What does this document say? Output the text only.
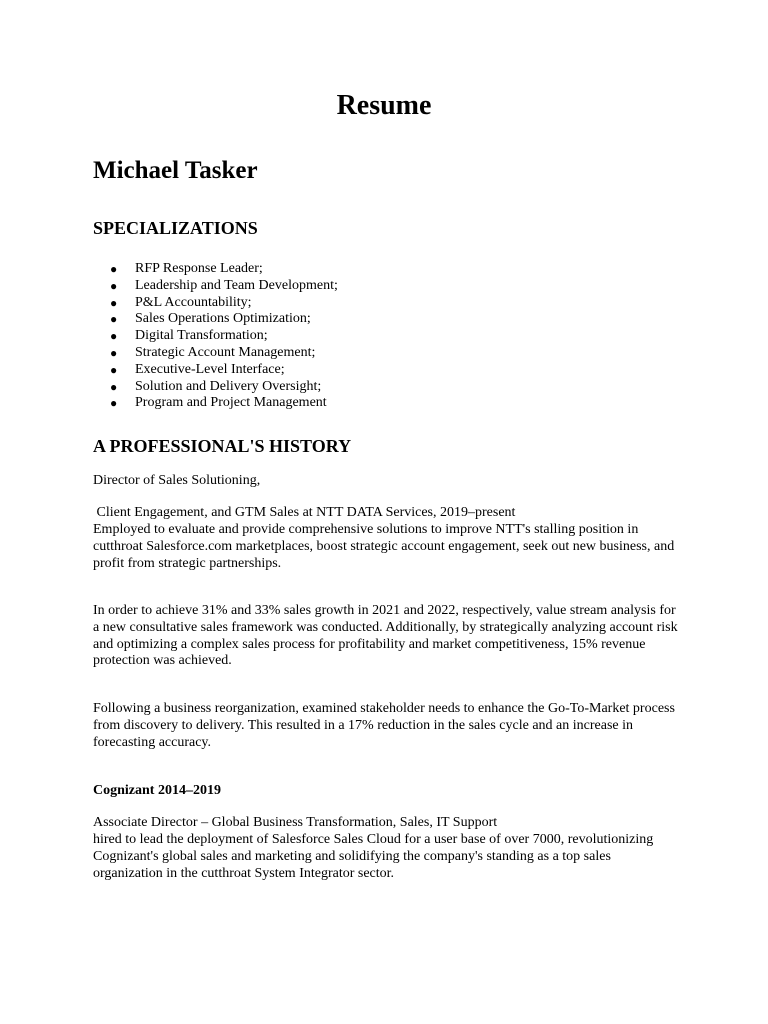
Resume
Michael Tasker
SPECIALIZATIONS
● RFP Response Leader;
● Leadership and Team Development;
● P&L Accountability;
● Sales Operations Optimization;
● Digital Transformation;
● Strategic Account Management;
● Executive-Level Interface;
● Solution and Delivery Oversight;
● Program and Project Management
A PROFESSIONAL'S HISTORY

Director of Sales Solutioning,

Client Engagement, and GTM Sales at NTT DATA Services, 2019–present

Employed to evaluate and provide comprehensive solutions to improve NTT's stalling position in cutthroat Salesforce.com marketplaces, boost strategic account engagement, seek out new business, and profit from strategic partnerships.

In order to achieve 31% and 33% sales growth in 2021 and 2022, respectively, value stream analysis for a new consultative sales framework was conducted. Additionally, by strategically analyzing account risk and optimizing a complex sales process for profitability and market competitiveness, 15% revenue protection was achieved.

Following a business reorganization, examined stakeholder needs to enhance the Go-To-Market process from discovery to delivery. This resulted in a 17% reduction in the sales cycle and an increase in forecasting accuracy.

Cognizant 2014–2019

Associate Director – Global Business Transformation, Sales, IT Support

hired to lead the deployment of Salesforce Sales Cloud for a user base of over 7000, revolutionizing Cognizant's global sales and marketing and solidifying the company's standing as a top sales organization in the cutthroat System Integrator sector.
